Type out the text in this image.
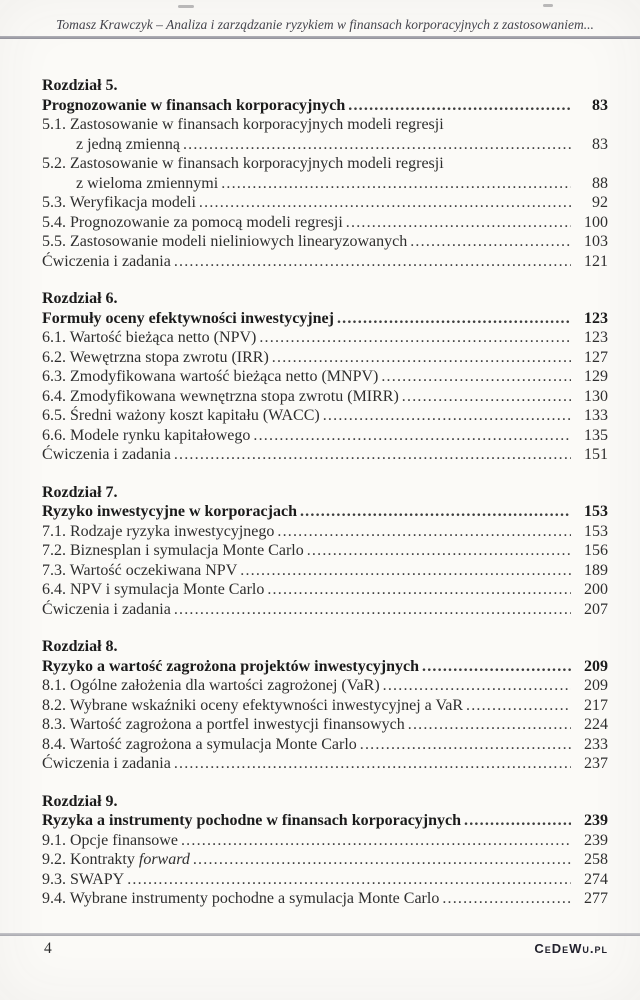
Tomasz Krawczyk – Analiza i zarządzanie ryzykiem w finansach korporacyjnych z zastosowaniem...
Rozdział 5.
Prognozowanie w finansach korporacyjnych .....	83
5.1. Zastosowanie w finansach korporacyjnych modeli regresji
z jedną zmienną .....	83
5.2. Zastosowanie w finansach korporacyjnych modeli regresji
z wieloma zmiennymi .....	88
5.3. Weryfikacja modeli .....	92
5.4. Prognozowanie za pomocą modeli regresji .....	100
5.5. Zastosowanie modeli nieliniowych linearyzowanych .....	103
Ćwiczenia i zadania .....	121
Rozdział 6.
Formuły oceny efektywności inwestycyjnej .....	123
6.1. Wartość bieżąca netto (NPV) .....	123
6.2. Wewętrzna stopa zwrotu (IRR) .....	127
6.3. Zmodyfikowana wartość bieżąca netto (MNPV) .....	129
6.4. Zmodyfikowana wewnętrzna stopa zwrotu (MIRR) .....	130
6.5. Średni ważony koszt kapitału (WACC) .....	133
6.6. Modele rynku kapitałowego .....	135
Ćwiczenia i zadania .....	151
Rozdział 7.
Ryzyko inwestycyjne w korporacjach .....	153
7.1. Rodzaje ryzyka inwestycyjnego .....	153
7.2. Biznesplan i symulacja Monte Carlo .....	156
7.3. Wartość oczekiwana NPV .....	189
6.4. NPV i symulacja Monte Carlo .....	200
Ćwiczenia i zadania .....	207
Rozdział 8.
Ryzyko a wartość zagrożona projektów inwestycyjnych .....	209
8.1. Ogólne założenia dla wartości zagrożonej (VaR) .....	209
8.2. Wybrane wskaźniki oceny efektywności inwestycyjnej a VaR .....	217
8.3. Wartość zagrożona a portfel inwestycji finansowych .....	224
8.4. Wartość zagrożona a symulacja Monte Carlo .....	233
Ćwiczenia i zadania .....	237
Rozdział 9.
Ryzyka a instrumenty pochodne w finansach korporacyjnych .....	239
9.1. Opcje finansowe .....	239
9.2. Kontrakty forward .....	258
9.3. SWAPY .....	274
9.4. Wybrane instrumenty pochodne a symulacja Monte Carlo .....	277
4	CeDeWu.pl
